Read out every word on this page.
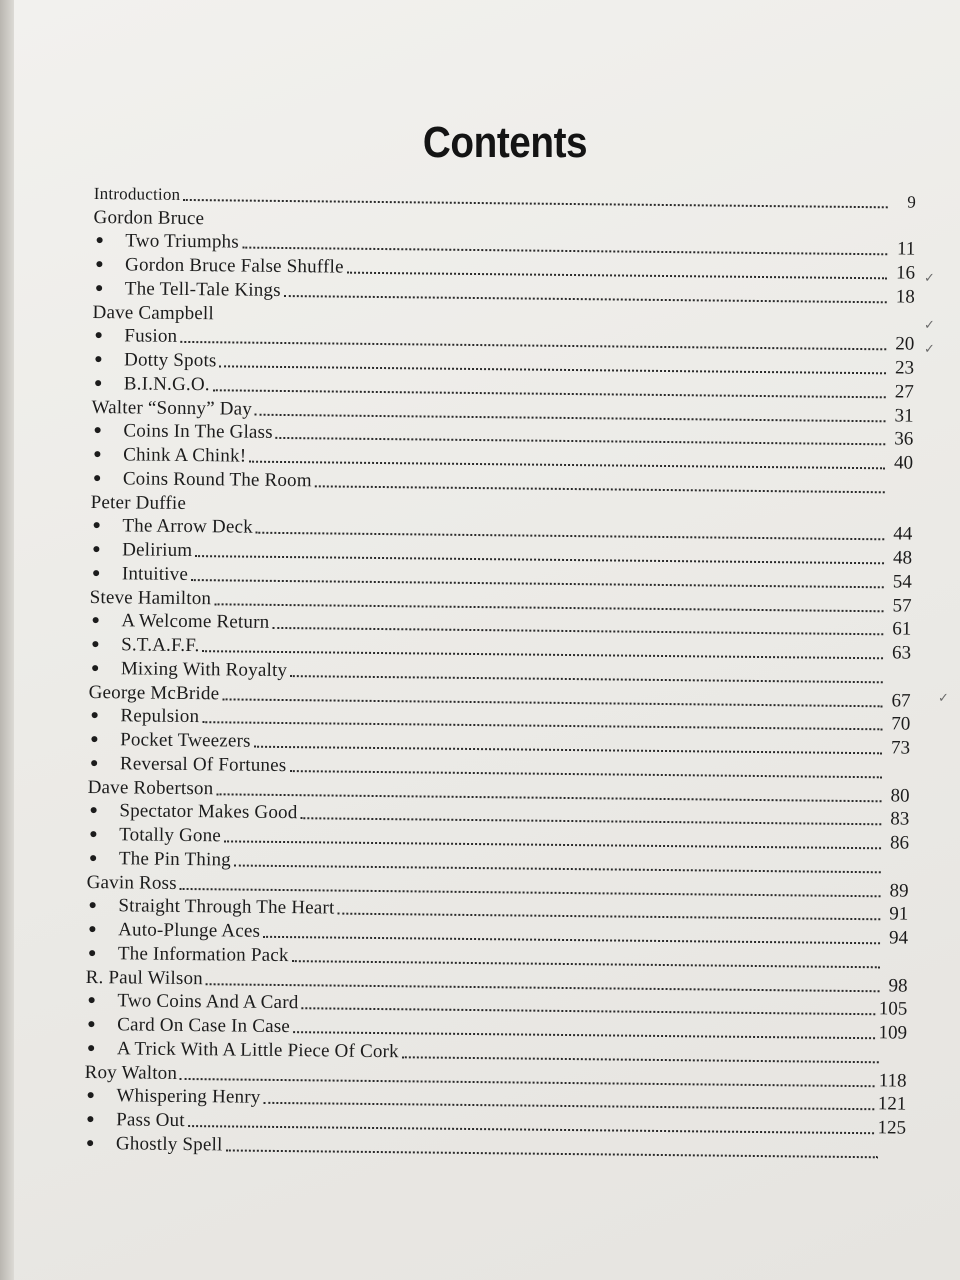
Contents
Introduction	9
Gordon Bruce
●	Two Triumphs	11
●	Gordon Bruce False Shuffle	16
●	The Tell-Tale Kings	18
Dave Campbell
●	Fusion	20
●	Dotty Spots	23
●	B.I.N.G.O.	27
Walter “Sonny” Day	31
●	Coins In The Glass	36
●	Chink A Chink!	40
●	Coins Round The Room
Peter Duffie
●	The Arrow Deck	44
●	Delirium	48
●	Intuitive	54
Steve Hamilton	57
●	A Welcome Return	61
●	S.T.A.F.F.	63
●	Mixing With Royalty
George McBride	67
●	Repulsion	70
●	Pocket Tweezers	73
●	Reversal Of Fortunes
Dave Robertson	80
●	Spectator Makes Good	83
●	Totally Gone	86
●	The Pin Thing
Gavin Ross	89
●	Straight Through The Heart	91
●	Auto-Plunge Aces	94
●	The Information Pack
R. Paul Wilson	98
●	Two Coins And A Card	105
●	Card On Case In Case	109
●	A Trick With A Little Piece Of Cork
Roy Walton	118
●	Whispering Henry	121
●	Pass Out	125
●	Ghostly Spell
✓
✓
✓
✓
